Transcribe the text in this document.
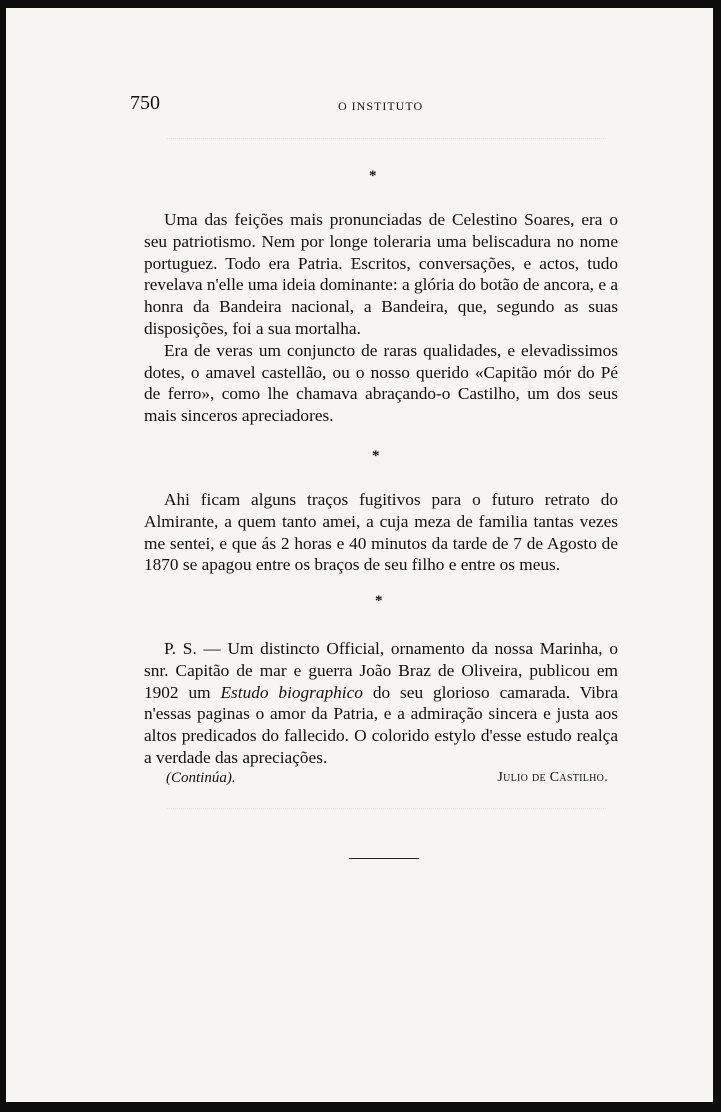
750	O INSTITUTO
*

Uma das feições mais pronunciadas de Celestino Soares, era o seu patriotismo. Nem por longe toleraria uma beliscadura no nome portuguez. Todo era Patria. Escritos, conversações, e actos, tudo revelava n'elle uma ideia dominante: a glória do botão de ancora, e a honra da Bandeira nacional, a Bandeira, que, segundo as suas disposições, foi a sua mortalha.

Era de veras um conjuncto de raras qualidades, e elevadissimos dotes, o amavel castellão, ou o nosso querido «Capitão mór do Pé de ferro», como lhe chamava abraçando-o Castilho, um dos seus mais sinceros apreciadores.

*

Ahi ficam alguns traços fugitivos para o futuro retrato do Almirante, a quem tanto amei, a cuja meza de familia tantas vezes me sentei, e que ás 2 horas e 40 minutos da tarde de 7 de Agosto de 1870 se apagou entre os braços de seu filho e entre os meus.

*

P. S. — Um distincto Official, ornamento da nossa Marinha, o snr. Capitão de mar e guerra João Braz de Oliveira, publicou em 1902 um Estudo biographico do seu glorioso camarada. Vibra n'essas paginas o amor da Patria, e a admiração sincera e justa aos altos predicados do fallecido. O colorido estylo d'esse estudo realça a verdade das apreciações.

(Continúa).	Julio de Castilho.
